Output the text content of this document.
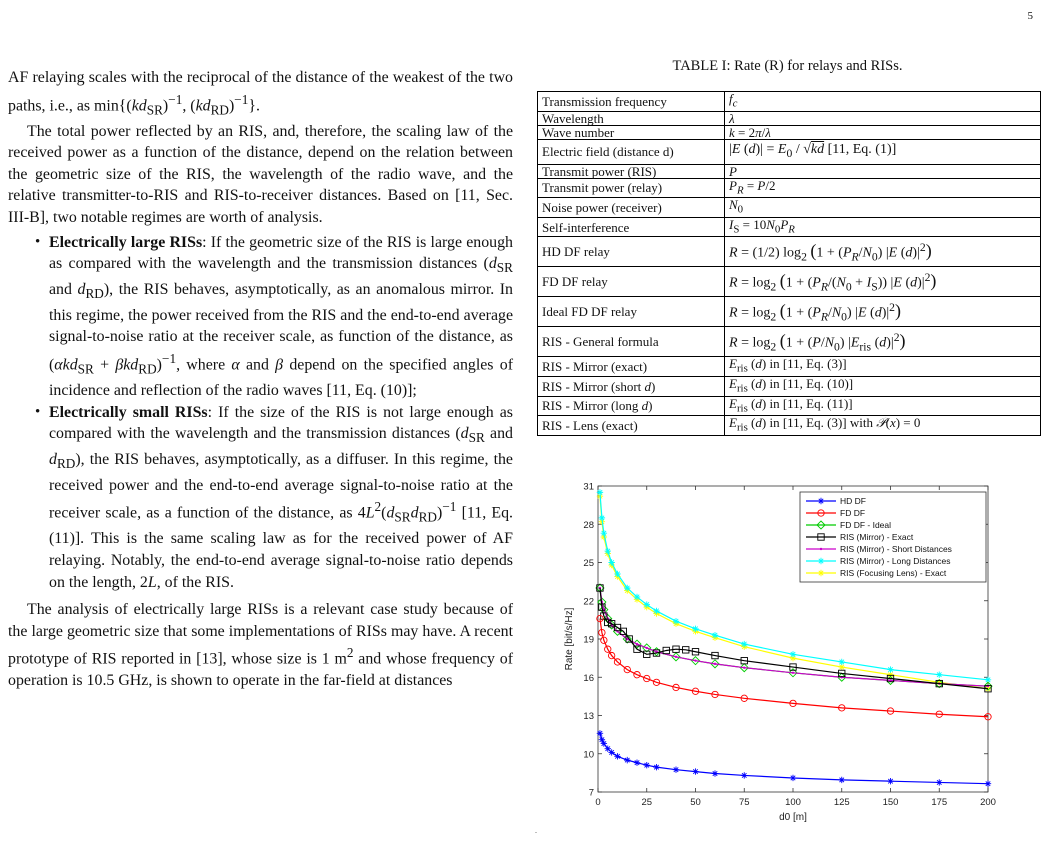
5

AF relaying scales with the reciprocal of the distance of the weakest of the two paths, i.e., as $\min\{(kd_{SR})^{-1}$, $(kd_{RD})^{-1}$}.

The total power reflected by an RIS, and, therefore, the scaling law of the received power as a function of the distance, depend on the relation between the geometric size of the RIS, the wavelength of the radio wave, and the relative transmitter-to-RIS and RIS-to-receiver distances. Based on [11, Sec. III-B], two notable regimes are worth of analysis.

• Electrically large RISs: If the geometric size of the RIS is large enough as compared with the wavelength and the transmission distances ($d_{SR}$ and $d_{RD}$), the RIS behaves, asymptotically, as an anomalous mirror. In this regime, the power received from the RIS and the end-to-end average signal-to-noise ratio at the receiver scale, as function of the distance, as $(\alpha kd_{SR} + \beta kd_{RD})^{-1}$, where α and β depend on the specified angles of incidence and reflection of the radio waves [11, Eq. (10)];
• Electrically small RISs: If the size of the RIS is not large enough as compared with the wavelength and the transmission distances ($d_{SR}$ and $d_{RD}$), the RIS behaves, asymptotically, as a diffuser. In this regime, the received power and the end-to-end average signal-to-noise ratio at the receiver scale, as a function of the distance, as $4L^2(d_{SR}d_{RD})^{-1}$ [11, Eq. (11)]. This is the same scaling law as for the received power of AF relaying. Notably, the end-to-end average signal-to-noise ratio depends on the length, 2L, of the RIS.

The analysis of electrically large RISs is a relevant case study because of the large geometric size that some implementations of RISs may have. A recent prototype of RIS reported in [13], whose size is 1 $m^2$ and whose frequency of operation is 10.5 GHz, is shown to operate in the far-field at distances

TABLE I: Rate (R) for relays and RISs.
Transmission frequency	$f_c$
Wavelength	λ
Wave number	k = 2π/λ
Electric field (distance d)	|E $(d)| = E_0 / √kd$ [11, Eq. (1)]
Transmit power (RIS)	P
Transmit power (relay)	$P_R = P/2$
Noise power (receiver)	$N_0$
Self-interference	$I_S = 10N_0P_R$
HD DF relay	R = (1/2) $\log_2 (1 + (P_R/N_0)$ |E $(d)|^2$)
FD DF relay	$R = \log_2 (1 + (P_R/(N_0 + I_S))$ |E $(d)|^2$)
Ideal FD DF relay	$R = \log_2 (1 + (P_R/N_0)$ |E $(d)|^2$)
RIS - General formula	$R = \log_2 (1 + (P/N_0)$ $|E_{ris}$ $(d)|^2$)
RIS - Mirror (exact)	$E_{ris}$ (d) in [11, Eq. (3)]
RIS - Mirror (short d)	$E_{ris}$ (d) in [11, Eq. (10)]
RIS - Mirror (long d)	$E_{ris}$ (d) in [11, Eq. (11)]
RIS - Lens (exact)	$E_{ris}$ (d) in [11, Eq. (3)] with 𝒫(x) = 0
0	25	50	75	100	125	150	175	200
7
10
13
16
19
22
25
28
31
d0 [m]
Rate [bit/s/Hz]
HD DF
FD DF
FD DF - Ideal
RIS (Mirror) - Exact
RIS (Mirror) - Short Distances
RIS (Mirror) - Long Distances
RIS (Focusing Lens) - Exact
.
